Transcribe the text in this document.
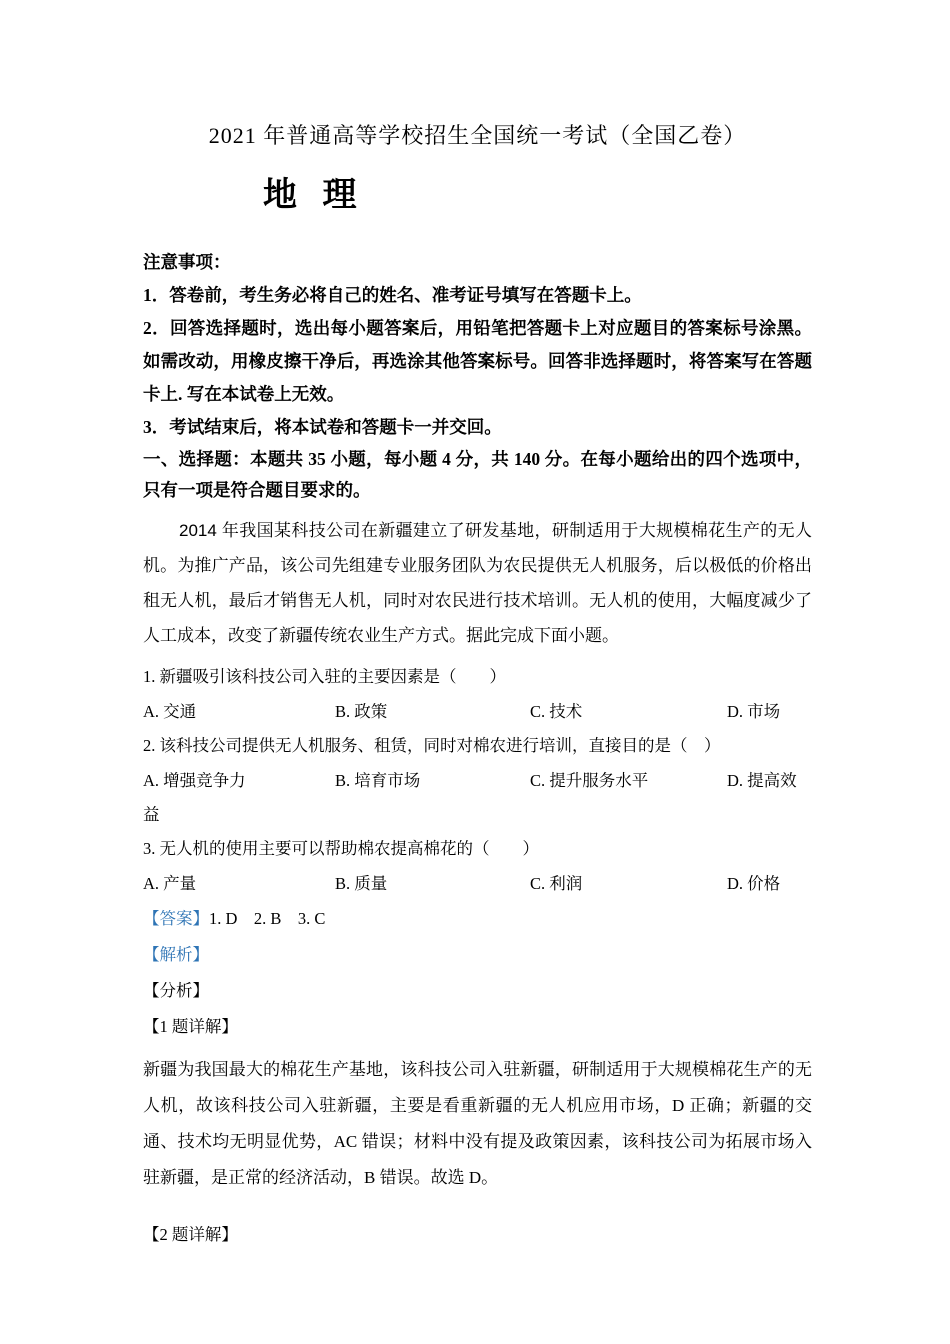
2021 年普通高等学校招生全国统一考试（全国乙卷）
地 理

注意事项：

1．答卷前，考生务必将自己的姓名、准考证号填写在答题卡上。

2．回答选择题时，选出每小题答案后，用铅笔把答题卡上对应题目的答案标号涂黑。如需改动，用橡皮擦干净后，再选涂其他答案标号。回答非选择题时，将答案写在答题卡上. 写在本试卷上无效。

3．考试结束后，将本试卷和答题卡一并交回。

一、选择题：本题共 35 小题，每小题 4 分，共 140 分。在每小题给出的四个选项中，只有一项是符合题目要求的。

2014 年我国某科技公司在新疆建立了研发基地，研制适用于大规模棉花生产的无人机。为推广产品，该公司先组建专业服务团队为农民提供无人机服务，后以极低的价格出租无人机，最后才销售无人机，同时对农民进行技术培训。无人机的使用，大幅度减少了人工成本，改变了新疆传统农业生产方式。据此完成下面小题。

1. 新疆吸引该科技公司入驻的主要因素是（　　）

A. 交通	B. 政策	C. 技术	D. 市场

2. 该科技公司提供无人机服务、租赁，同时对棉农进行培训，直接目的是（　）

A. 增强竞争力	B. 培育市场	C. 提升服务水平	D. 提高效

益

3. 无人机的使用主要可以帮助棉农提高棉花的（　　）

A. 产量	B. 质量	C. 利润	D. 价格

【答案】1. D    2. B    3. C

【解析】

【分析】

【1 题详解】

新疆为我国最大的棉花生产基地，该科技公司入驻新疆，研制适用于大规模棉花生产的无人机，故该科技公司入驻新疆，主要是看重新疆的无人机应用市场，D 正确；新疆的交通、技术均无明显优势，AC 错误；材料中没有提及政策因素，该科技公司为拓展市场入驻新疆，是正常的经济活动，B 错误。故选 D。

【2 题详解】
